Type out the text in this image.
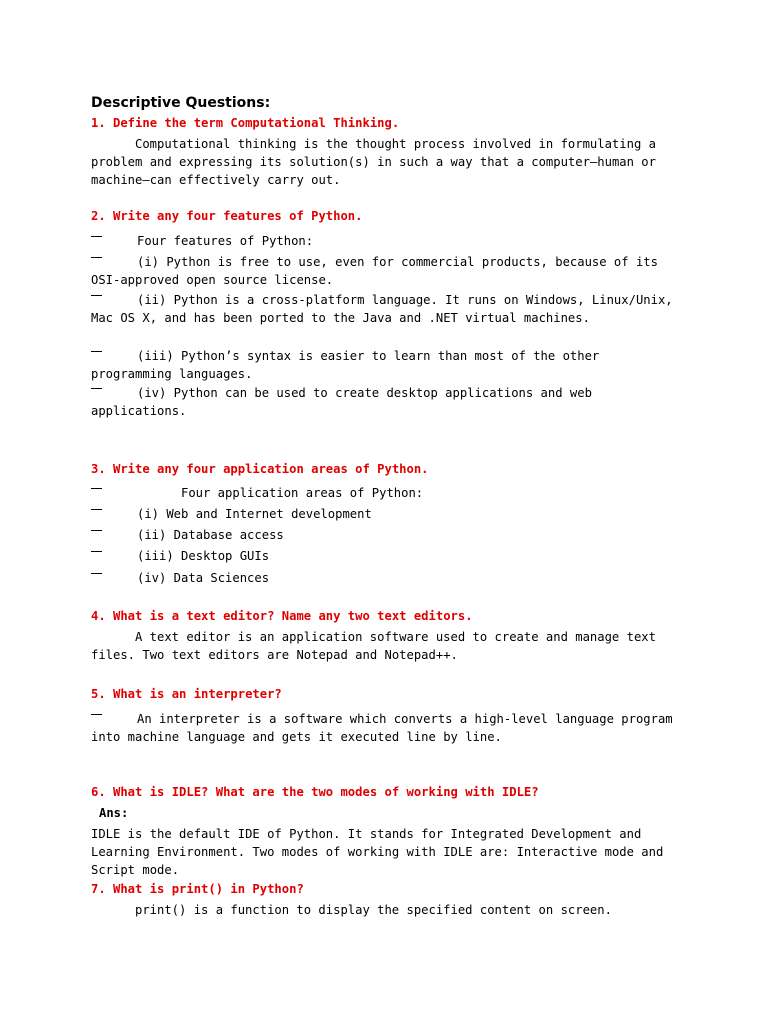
Descriptive Questions:
1. Define the term Computational Thinking.

Computational thinking is the thought process involved in formulating a problem and expressing its solution(s) in such a way that a computer—human or machine—can effectively carry out.

2. Write any four features of Python.

Four features of Python:

(i) Python is free to use, even for commercial products, because of its OSI-approved open source license.

(ii) Python is a cross-platform language. It runs on Windows, Linux/Unix, Mac OS X, and has been ported to the Java and .NET virtual machines.

(iii) Python’s syntax is easier to learn than most of the other programming languages.

(iv) Python can be used to create desktop applications and web applications.

3. Write any four application areas of Python.

Four application areas of Python:

(i) Web and Internet development

(ii) Database access

(iii) Desktop GUIs

(iv) Data Sciences

4. What is a text editor? Name any two text editors.

A text editor is an application software used to create and manage text files. Two text editors are Notepad and Notepad++.

5. What is an interpreter?

An interpreter is a software which converts a high-level language program into machine language and gets it executed line by line.

6. What is IDLE? What are the two modes of working with IDLE?
Ans:

IDLE is the default IDE of Python. It stands for Integrated Development and Learning Environment. Two modes of working with IDLE are: Interactive mode and Script mode.

7. What is print() in Python?

print() is a function to display the specified content on screen.
